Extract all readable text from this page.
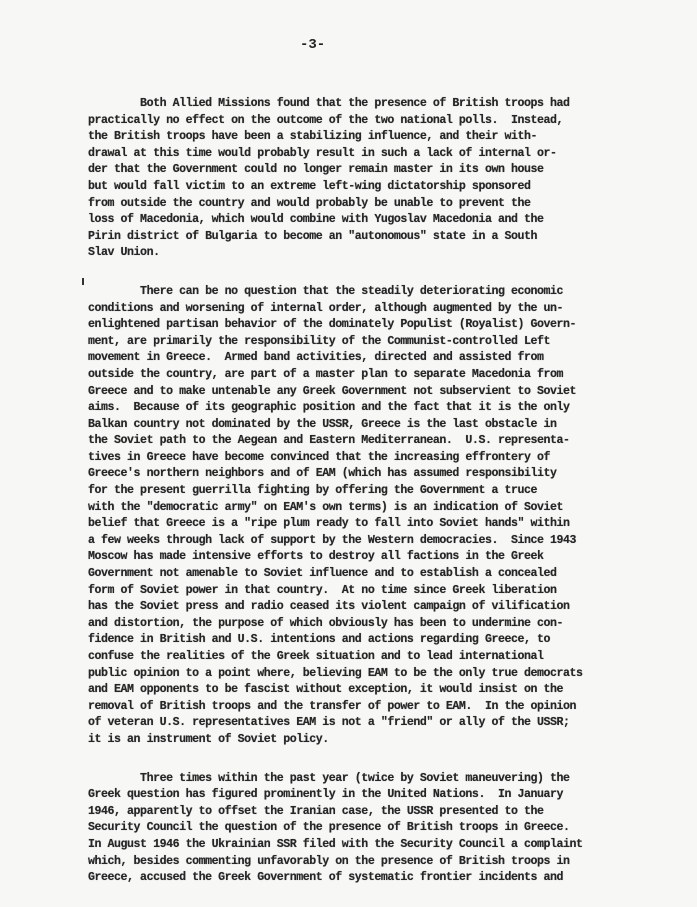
-3-
Both Allied Missions found that the presence of British troops had
practically no effect on the outcome of the two national polls.  Instead,
the British troops have been a stabilizing influence, and their with-
drawal at this time would probably result in such a lack of internal or-
der that the Government could no longer remain master in its own house
but would fall victim to an extreme left-wing dictatorship sponsored
from outside the country and would probably be unable to prevent the
loss of Macedonia, which would combine with Yugoslav Macedonia and the
Pirin district of Bulgaria to become an "autonomous" state in a South
Slav Union.
There can be no question that the steadily deteriorating economic
conditions and worsening of internal order, although augmented by the un-
enlightened partisan behavior of the dominately Populist (Royalist) Govern-
ment, are primarily the responsibility of the Communist-controlled Left
movement in Greece.  Armed band activities, directed and assisted from
outside the country, are part of a master plan to separate Macedonia from
Greece and to make untenable any Greek Government not subservient to Soviet
aims.  Because of its geographic position and the fact that it is the only
Balkan country not dominated by the USSR, Greece is the last obstacle in
the Soviet path to the Aegean and Eastern Mediterranean.  U.S. representa-
tives in Greece have become convinced that the increasing effrontery of
Greece's northern neighbors and of EAM (which has assumed responsibility
for the present guerrilla fighting by offering the Government a truce
with the "democratic army" on EAM's own terms) is an indication of Soviet
belief that Greece is a "ripe plum ready to fall into Soviet hands" within
a few weeks through lack of support by the Western democracies.  Since 1943
Moscow has made intensive efforts to destroy all factions in the Greek
Government not amenable to Soviet influence and to establish a concealed
form of Soviet power in that country.  At no time since Greek liberation
has the Soviet press and radio ceased its violent campaign of vilification
and distortion, the purpose of which obviously has been to undermine con-
fidence in British and U.S. intentions and actions regarding Greece, to
confuse the realities of the Greek situation and to lead international
public opinion to a point where, believing EAM to be the only true democrats
and EAM opponents to be fascist without exception, it would insist on the
removal of British troops and the transfer of power to EAM.  In the opinion
of veteran U.S. representatives EAM is not a "friend" or ally of the USSR;
it is an instrument of Soviet policy.
Three times within the past year (twice by Soviet maneuvering) the
Greek question has figured prominently in the United Nations.  In January
1946, apparently to offset the Iranian case, the USSR presented to the
Security Council the question of the presence of British troops in Greece.
In August 1946 the Ukrainian SSR filed with the Security Council a complaint
which, besides commenting unfavorably on the presence of British troops in
Greece, accused the Greek Government of systematic frontier incidents and
